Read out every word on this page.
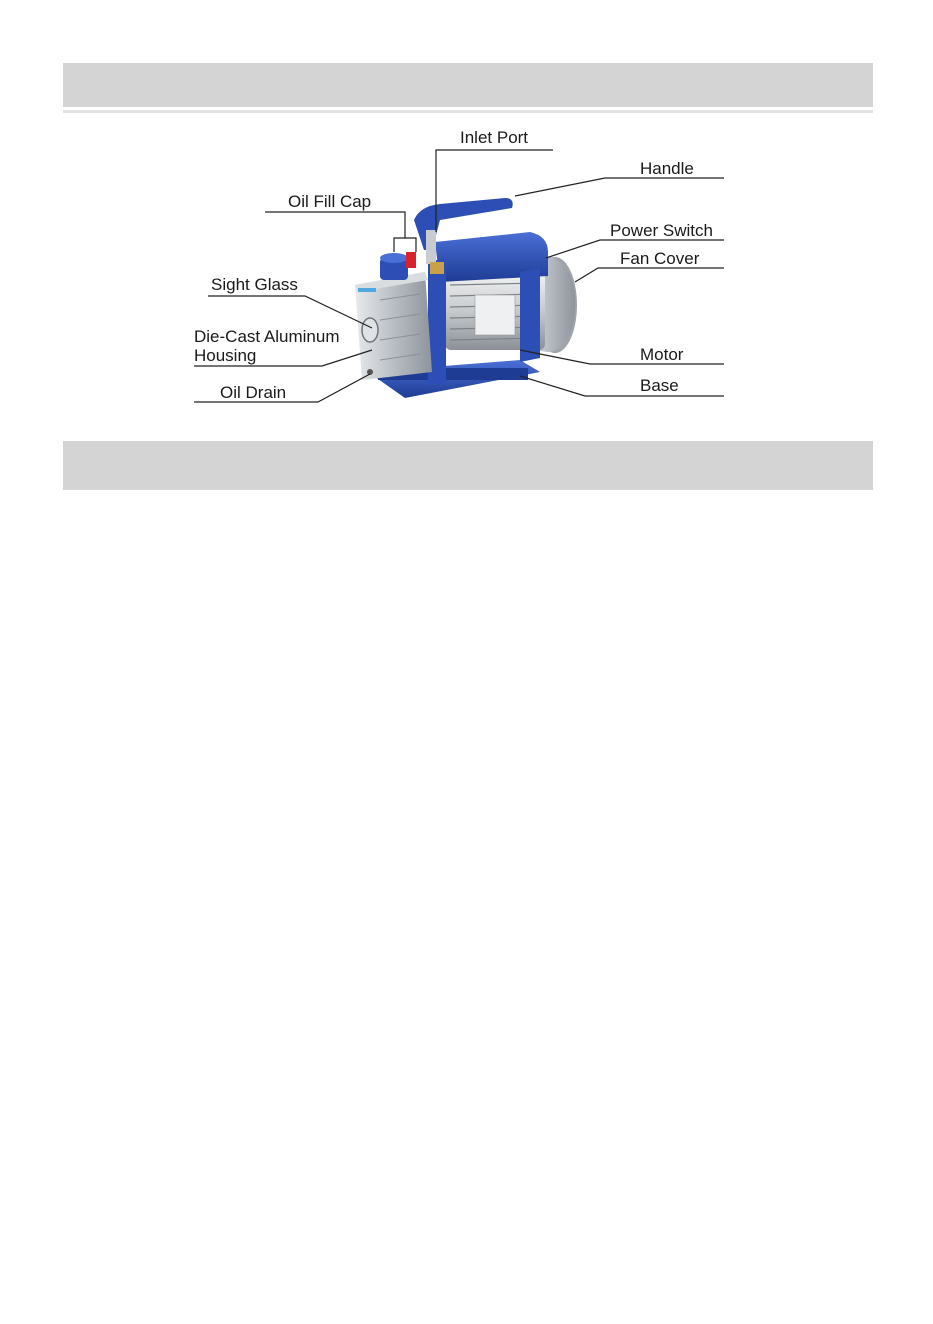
Inlet Port
Handle
Oil Fill Cap
Power Switch
Fan Cover
Sight Glass
Die-Cast Aluminum
Housing	Motor
Base
Oil Drain
